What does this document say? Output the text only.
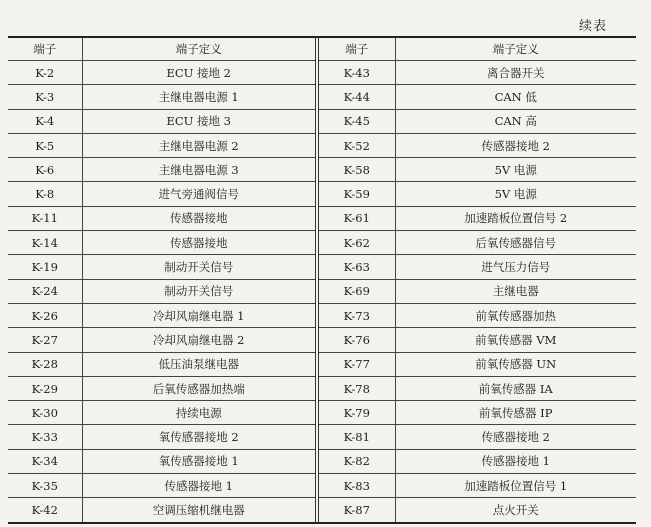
续表
端子	端子定义	端子	端子定义
K-2	ECU 接地 2	K-43	离合器开关
K-3	主继电器电源 1	K-44	CAN 低
K-4	ECU 接地 3	K-45	CAN 高
K-5	主继电器电源 2	K-52	传感器接地 2
K-6	主继电器电源 3	K-58	5V 电源
K-8	进气旁通阀信号	K-59	5V 电源
K-11	传感器接地	K-61	加速踏板位置信号 2
K-14	传感器接地	K-62	后氧传感器信号
K-19	制动开关信号	K-63	进气压力信号
K-24	制动开关信号	K-69	主继电器
K-26	冷却风扇继电器 1	K-73	前氧传感器加热
K-27	冷却风扇继电器 2	K-76	前氧传感器 VM
K-28	低压油泵继电器	K-77	前氧传感器 UN
K-29	后氧传感器加热端	K-78	前氧传感器 IA
K-30	持续电源	K-79	前氧传感器 IP
K-33	氧传感器接地 2	K-81	传感器接地 2
K-34	氧传感器接地 1	K-82	传感器接地 1
K-35	传感器接地 1	K-83	加速踏板位置信号 1
K-42	空调压缩机继电器	K-87	点火开关
